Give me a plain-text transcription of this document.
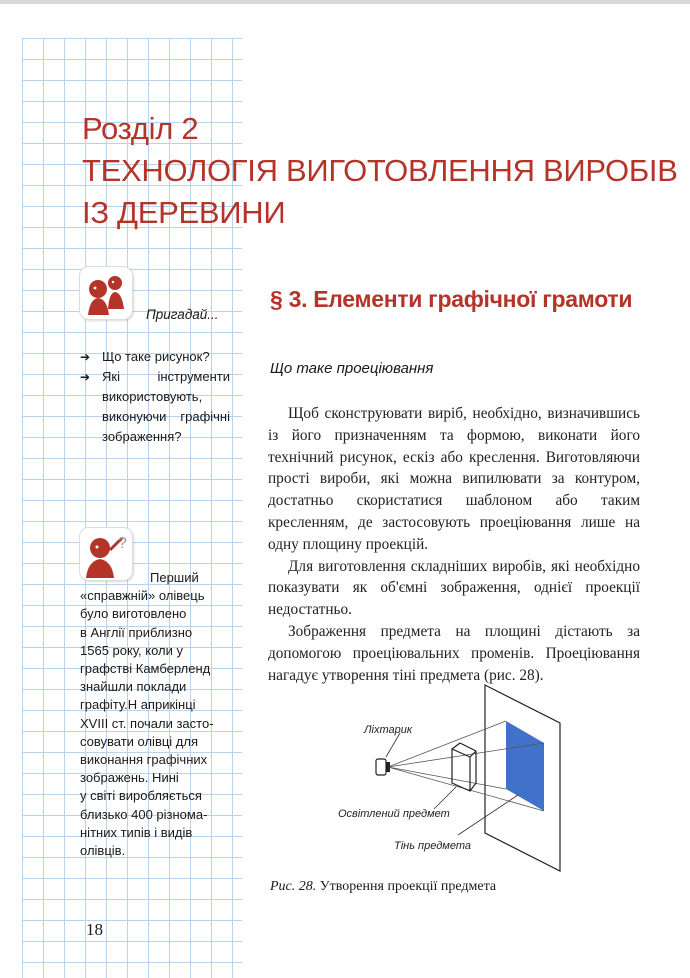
Розділ 2
ТЕХНОЛОГІЯ ВИГОТОВЛЕННЯ ВИРОБІВ
ІЗ ДЕРЕВИНИ
Пригадай...
➔ Що таке рисунок?
➔ Які інструменти використовують, виконуючи графічні зображення?
?
Перший
«справжній» олівець
було виготовлено
в Англії приблизно
1565 року, коли у
графстві Камберленд
знайшли поклади
графіту.Н априкінці
XVIII ст. почали засто-
совувати олівці для
виконання графічних
зображень. Нині
у світі виробляється
близько 400 різнома-
нітних типів і видів
олівців.
§ 3. Елементи графічної грамоти
Що таке проеціювання

Щоб сконструювати виріб, необхідно, визначившись із його призначенням та формою, виконати його технічний рисунок, ескіз або креслення. Виготовляючи прості вироби, які можна випилювати за контуром, достатньо скористатися шаблоном або таким кресленням, де застосовують проеціювання лише на одну площину проекцій.

Для виготовлення складніших виробів, які необхідно показувати як об'ємні зображення, однієї проекції недостатньо.

Зображення предмета на площині дістають за допомогою проеціювальних променів. Проеціювання нагадує утворення тіні предмета (рис. 28).

Ліхтарик
Освітлений предмет
Тінь предмета
Рис. 28. Утворення проекції предмета
18
